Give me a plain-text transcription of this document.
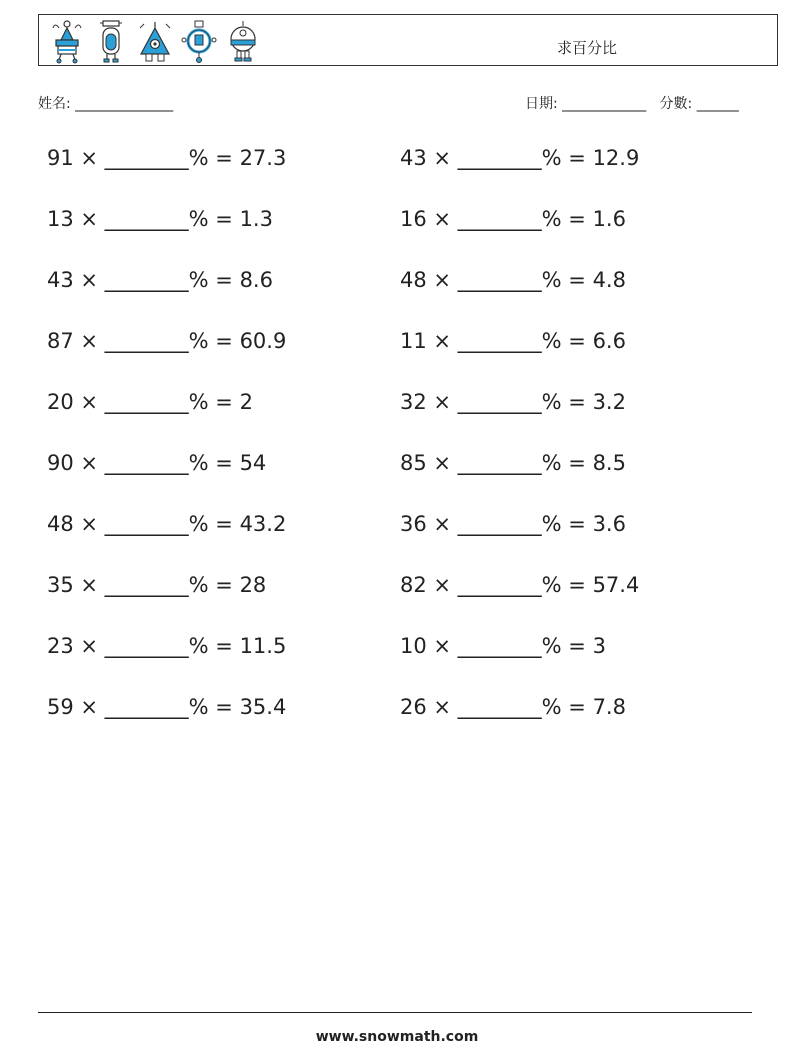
求百分比
姓名: ______________	日期: ____________ 分數: ______
91 × ________% = 27.3	43 × ________% = 12.9
13 × ________% = 1.3	16 × ________% = 1.6
43 × ________% = 8.6	48 × ________% = 4.8
87 × ________% = 60.9	11 × ________% = 6.6
20 × ________% = 2	32 × ________% = 3.2
90 × ________% = 54	85 × ________% = 8.5
48 × ________% = 43.2	36 × ________% = 3.6
35 × ________% = 28	82 × ________% = 57.4
23 × ________% = 11.5	10 × ________% = 3
59 × ________% = 35.4	26 × ________% = 7.8
www.snowmath.com
